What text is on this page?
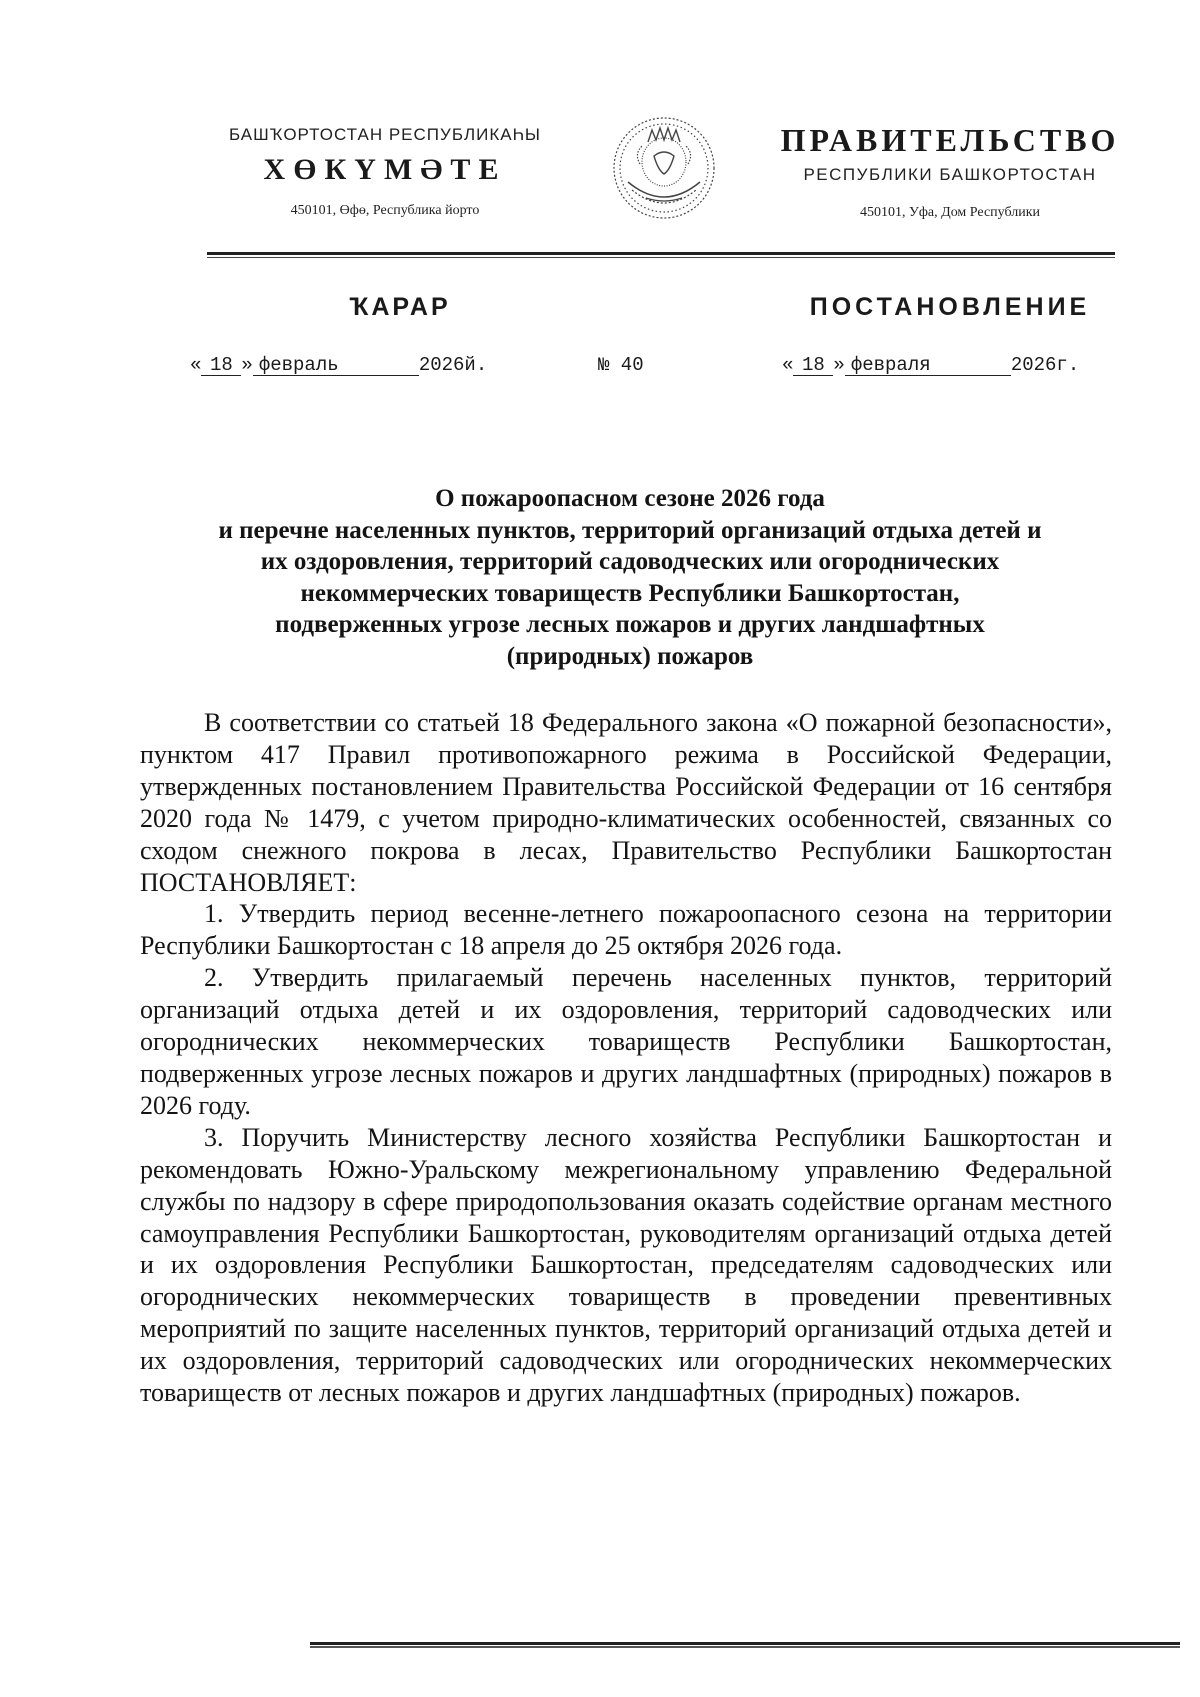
БАШҠОРТОСТАН РЕСПУБЛИКАҺЫ
ХӨКҮМӘТЕ
450101, Өфө, Республика йорто
ПРАВИТЕЛЬСТВО
РЕСПУБЛИКИ БАШКОРТОСТАН
450101, Уфа, Дом Республики
ҠАРАР	ПОСТАНОВЛЕНИЕ
« 18 » февраль	2026й.	№ 40	« 18 » февраля	2026г.
О пожароопасном сезоне 2026 года
и перечне населенных пунктов, территорий организаций отдыха детей и
их оздоровления, территорий садоводческих или огороднических
некоммерческих товариществ Республики Башкортостан,
подверженных угрозе лесных пожаров и других ландшафтных
(природных) пожаров

В соответствии со статьей 18 Федерального закона «О пожарной безопасности», пунктом 417 Правил противопожарного режима в Российской Федерации, утвержденных постановлением Правительства Российской Федерации от 16 сентября 2020 года № 1479, с учетом природно-климатических особенностей, связанных со сходом снежного покрова в лесах, Правительство Республики Башкортостан

ПОСТАНОВЛЯЕТ:

1. Утвердить период весенне-летнего пожароопасного сезона на территории Республики Башкортостан с 18 апреля до 25 октября 2026 года.

2. Утвердить прилагаемый перечень населенных пунктов, территорий организаций отдыха детей и их оздоровления, территорий садоводческих или огороднических некоммерческих товариществ Республики Башкортостан, подверженных угрозе лесных пожаров и других ландшафтных (природных) пожаров в 2026 году.

3. Поручить Министерству лесного хозяйства Республики Башкортостан и рекомендовать Южно-Уральскому межрегиональному управлению Федеральной службы по надзору в сфере природопользования оказать содействие органам местного самоуправления Республики Башкортостан, руководителям организаций отдыха детей и их оздоровления Республики Башкортостан, председателям садоводческих или огороднических некоммерческих товариществ в проведении превентивных мероприятий по защите населенных пунктов, территорий организаций отдыха детей и их оздоровления, территорий садоводческих или огороднических некоммерческих товариществ от лесных пожаров и других ландшафтных (природных) пожаров.
